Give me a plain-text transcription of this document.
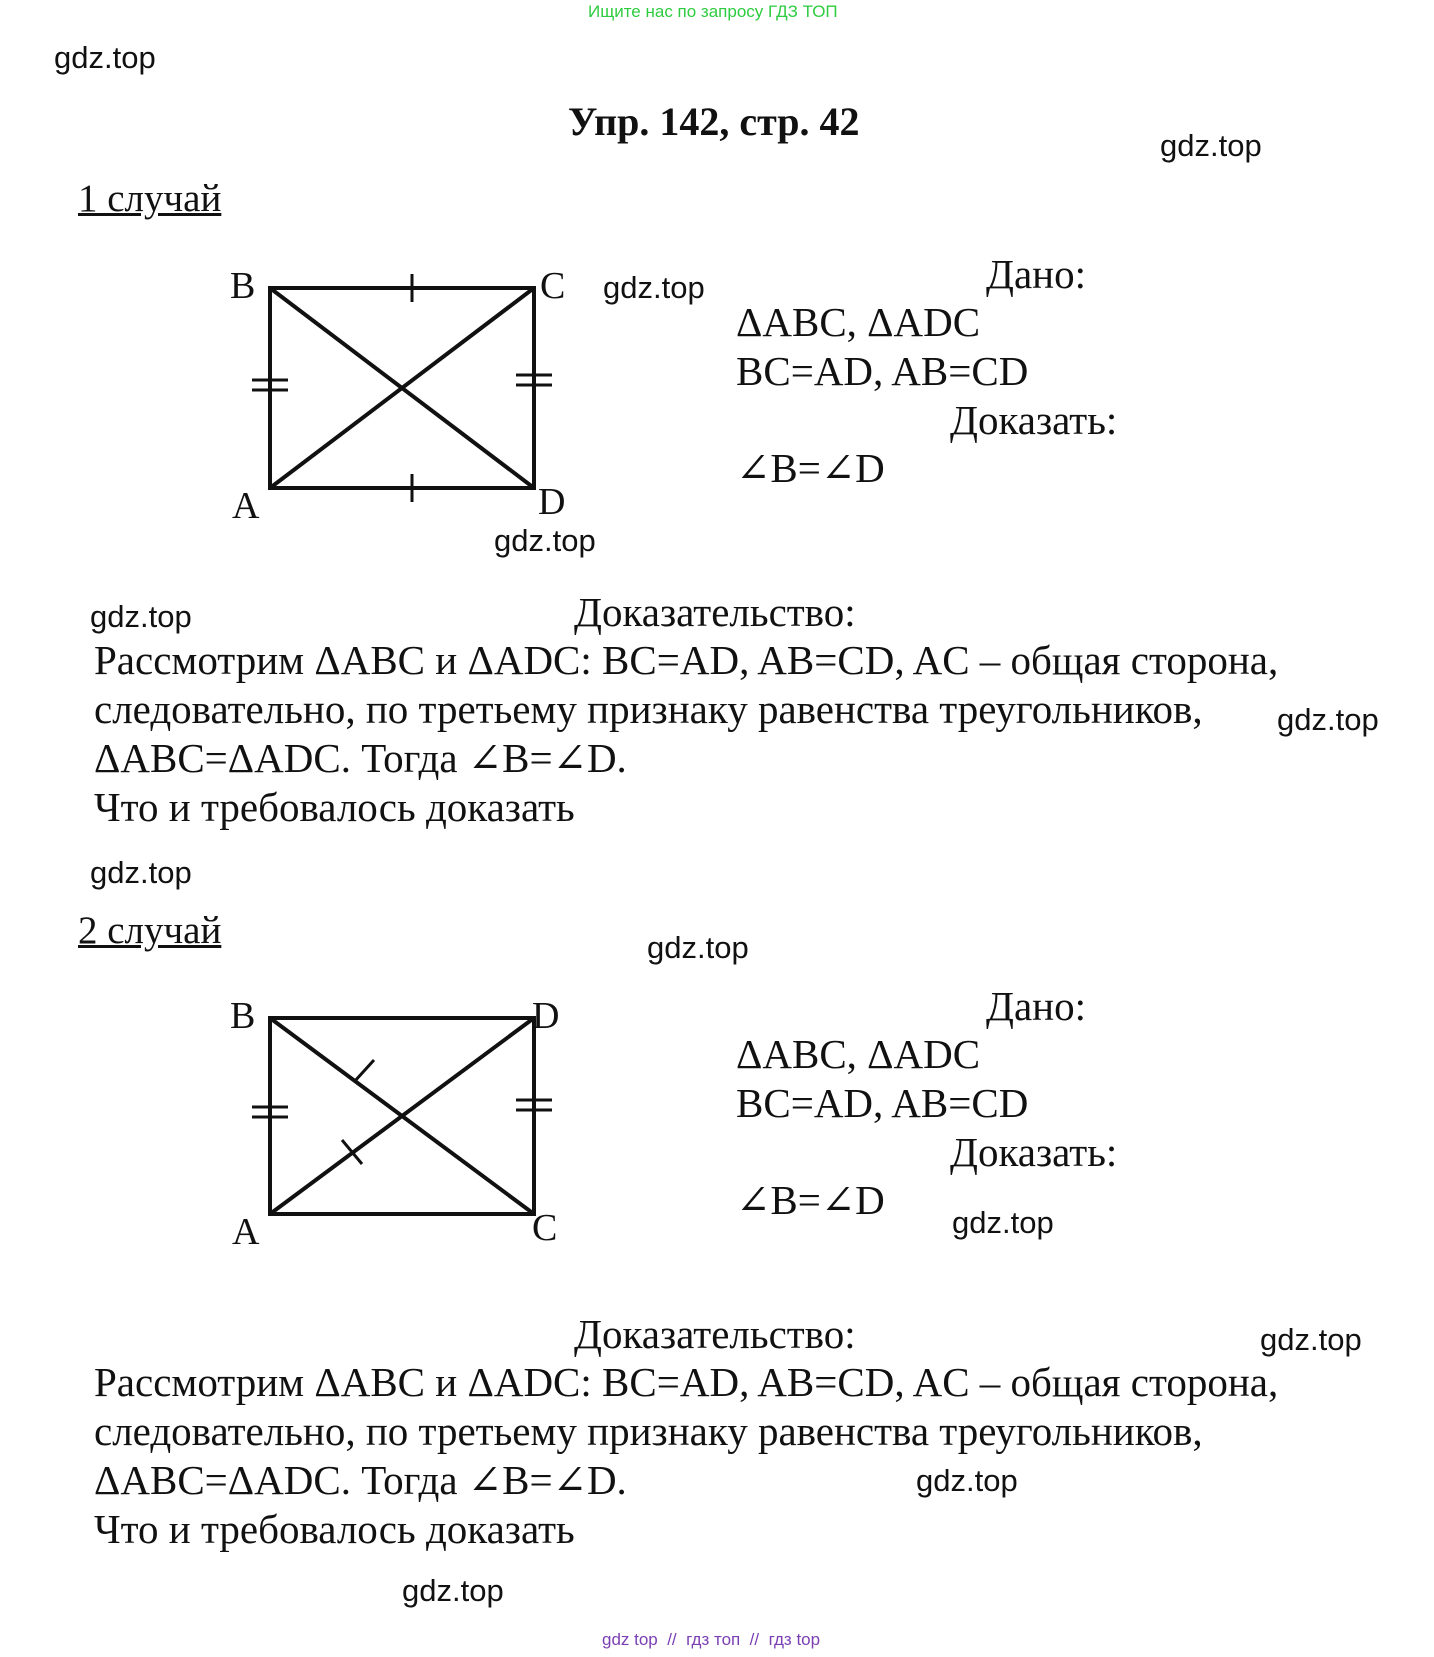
Ищите нас по запросу ГДЗ ТОП
gdz.top
gdz.top
gdz.top
gdz.top
gdz.top
gdz.top
gdz.top
gdz.top
gdz.top
gdz.top
gdz.top
gdz.top
Упр. 142, стр. 42
1 случай
B	C
A	D
Дано:
ΔABC, ΔADC
BC=AD, AB=CD
Доказать:
∠B=∠D
Доказательство:
Рассмотрим ΔABC и ΔADC: BC=AD, AB=CD, AC – общая сторона,
следовательно, по третьему признаку равенства треугольников,
ΔABC=ΔADC. Тогда ∠B=∠D.
Что и требовалось доказать
2 случай
B	D
A	C
Дано:
ΔABC, ΔADC
BC=AD, AB=CD
Доказать:
∠B=∠D
Доказательство:
Рассмотрим ΔABC и ΔADC: BC=AD, AB=CD, AC – общая сторона,
следовательно, по третьему признаку равенства треугольников,
ΔABC=ΔADC. Тогда ∠B=∠D.
Что и требовалось доказать
gdz top  //  гдз топ  //  гдз top
